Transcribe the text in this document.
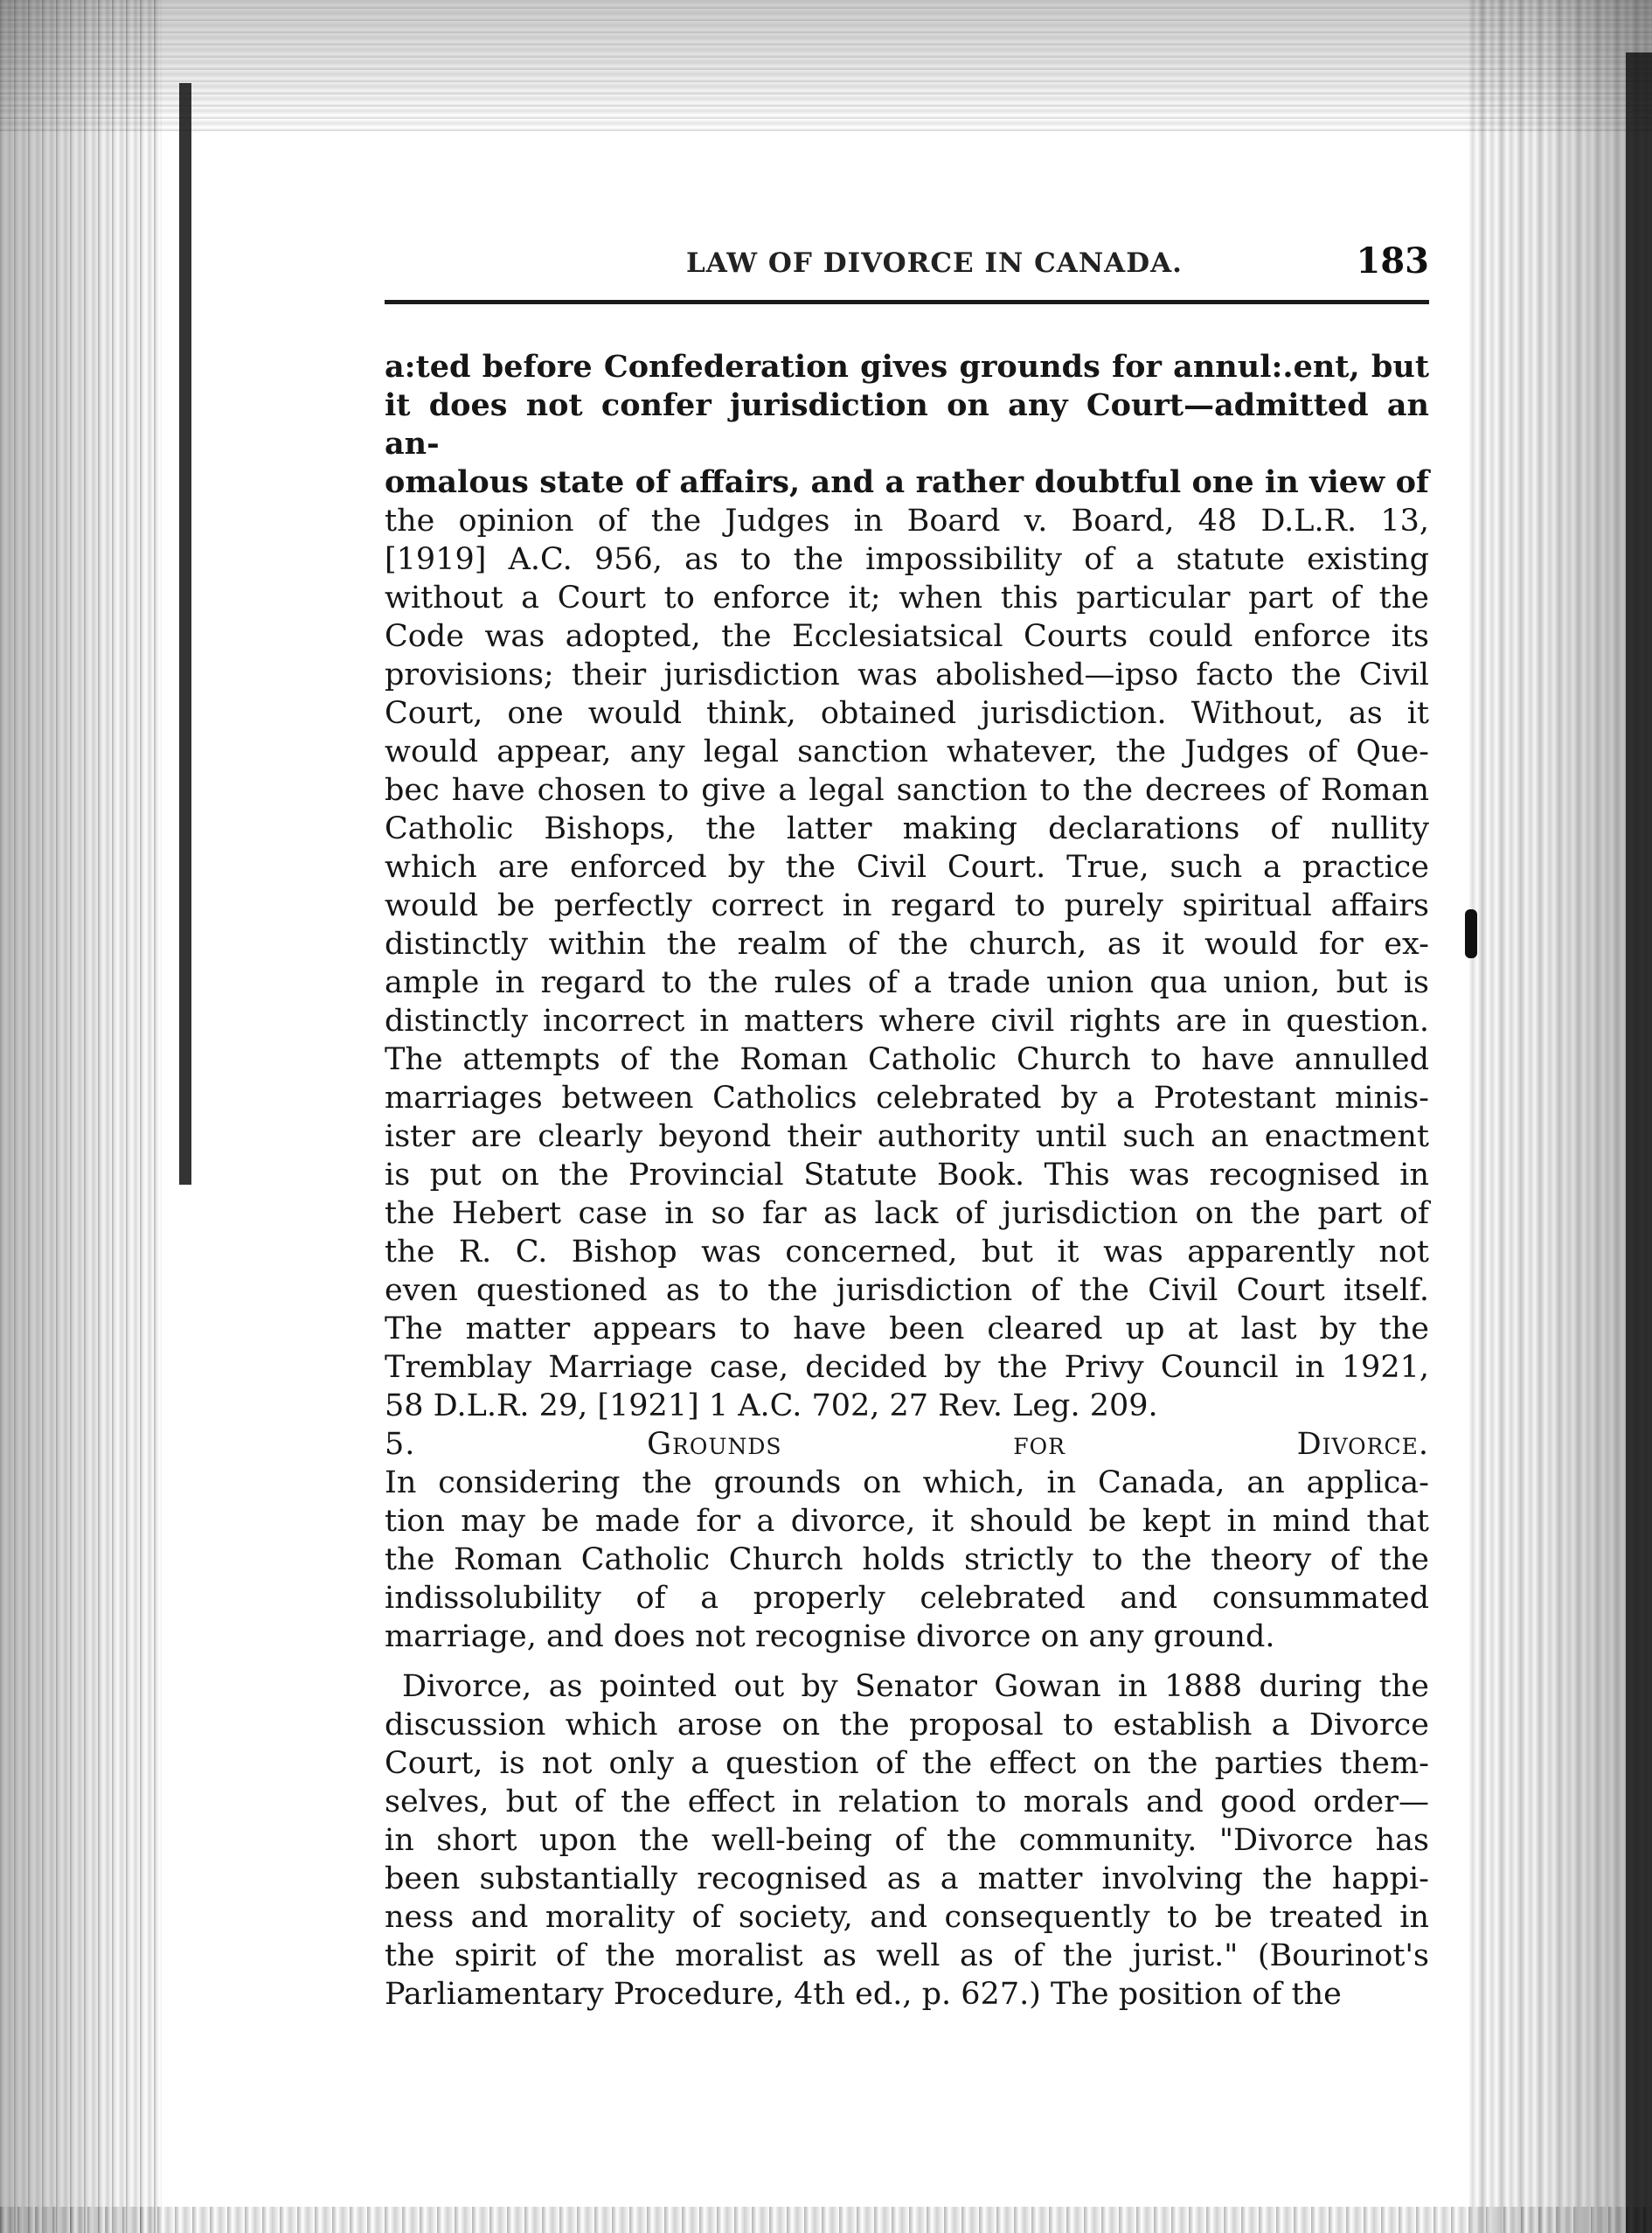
LAW OF DIVORCE IN CANADA.	183

a:ted before Confederation gives grounds for annul:.ent, but

it does not confer jurisdiction on any Court—admitted an an-

omalous state of affairs, and a rather doubtful one in view of

the opinion of the Judges in Board v. Board, 48 D.L.R. 13,

[1919] A.C. 956, as to the impossibility of a statute existing

without a Court to enforce it; when this particular part of the

Code was adopted, the Ecclesiatsical Courts could enforce its

provisions; their jurisdiction was abolished—ipso facto the Civil

Court, one would think, obtained jurisdiction. Without, as it

would appear, any legal sanction whatever, the Judges of Que-

bec have chosen to give a legal sanction to the decrees of Roman

Catholic Bishops, the latter making declarations of nullity

which are enforced by the Civil Court. True, such a practice

would be perfectly correct in regard to purely spiritual affairs

distinctly within the realm of the church, as it would for ex-

ample in regard to the rules of a trade union qua union, but is

distinctly incorrect in matters where civil rights are in question.

The attempts of the Roman Catholic Church to have annulled

marriages between Catholics celebrated by a Protestant minis-

ister are clearly beyond their authority until such an enactment

is put on the Provincial Statute Book. This was recognised in

the Hebert case in so far as lack of jurisdiction on the part of

the R. C. Bishop was concerned, but it was apparently not

even questioned as to the jurisdiction of the Civil Court itself.

The matter appears to have been cleared up at last by the

Tremblay Marriage case, decided by the Privy Council in 1921,

58 D.L.R. 29, [1921] 1 A.C. 702, 27 Rev. Leg. 209.

5. Grounds for Divorce.

In considering the grounds on which, in Canada, an applica-

tion may be made for a divorce, it should be kept in mind that

the Roman Catholic Church holds strictly to the theory of the

indissolubility of a properly celebrated and consummated

marriage, and does not recognise divorce on any ground.

Divorce, as pointed out by Senator Gowan in 1888 during the

discussion which arose on the proposal to establish a Divorce

Court, is not only a question of the effect on the parties them-

selves, but of the effect in relation to morals and good order—

in short upon the well-being of the community. "Divorce has

been substantially recognised as a matter involving the happi-

ness and morality of society, and consequently to be treated in

the spirit of the moralist as well as of the jurist." (Bourinot's

Parliamentary Procedure, 4th ed., p. 627.) The position of the
